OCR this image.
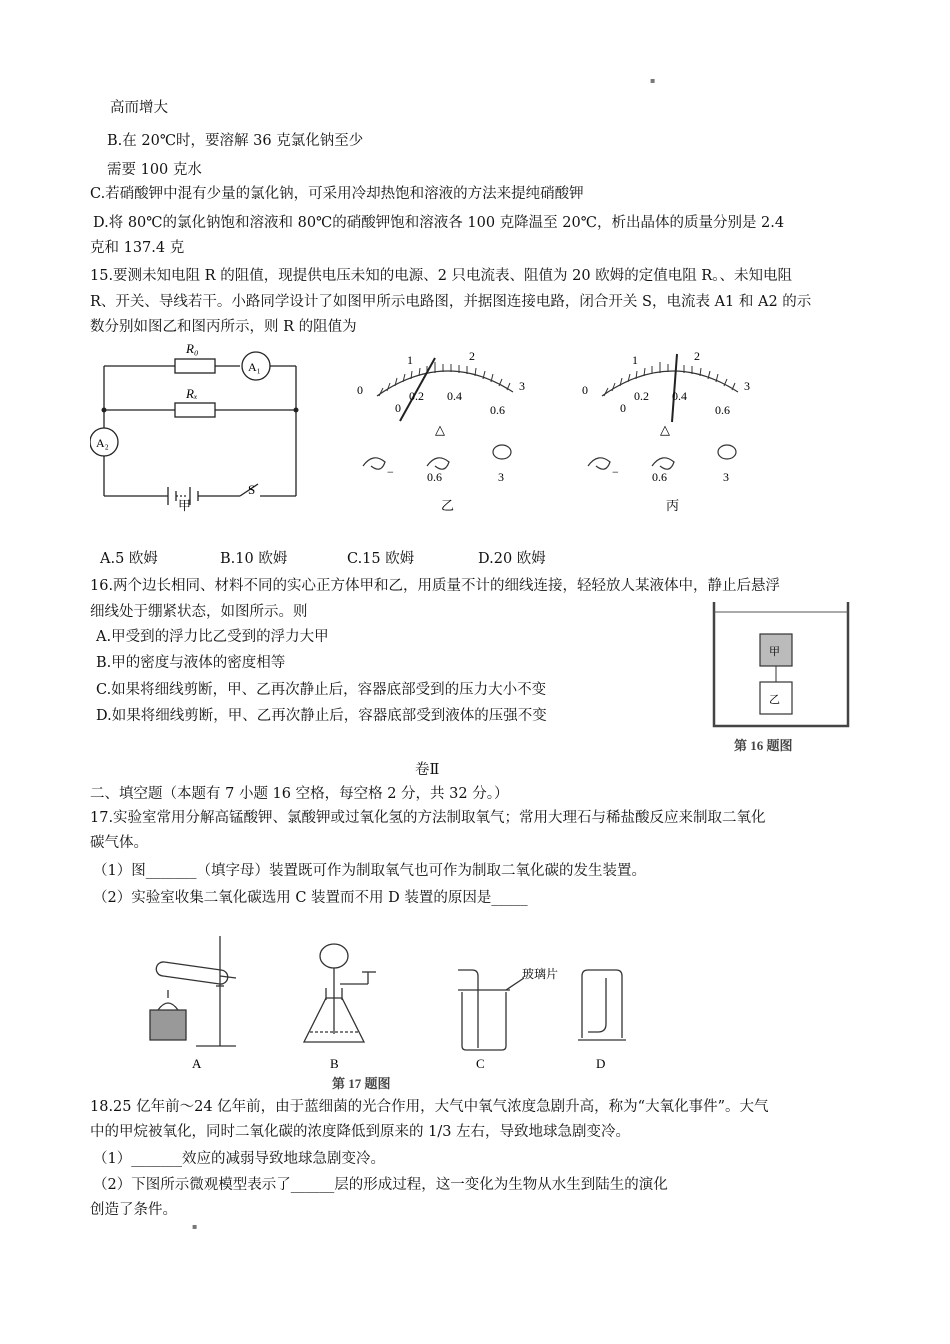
▪
▪
高而增大
B.在 20℃时，要溶解 36 克氯化钠至少
需要 100 克水
C.若硝酸钾中混有少量的氯化钠，可采用冷却热饱和溶液的方法来提纯硝酸钾
D.将 80℃的氯化钠饱和溶液和 80℃的硝酸钾饱和溶液各 100 克降温至 20℃，析出晶体的质量分别是 2.4
克和 137.4 克
15.要测未知电阻 R 的阻值，现提供电压未知的电源、2 只电流表、阻值为 20 欧姆的定值电阻 R。、未知电阻
R、开关、导线若干。小路同学设计了如图甲所示电路图，并据图连接电路，闭合开关 S，电流表 A1 和 A2 的示
数分别如图乙和图丙所示，则 R 的阻值为
R₀
Rₓ
A₁
A₂
S
甲
1	2
3
0
0
0.2 0.4
0.6
△
−	0.6	3
乙
1	2
3
0
0
0.2 0.4
0.6
△
−	0.6	3
丙
A.5 欧姆	B.10 欧姆	C.15 欧姆	D.20 欧姆
16.两个边长相同、材料不同的实心正方体甲和乙，用质量不计的细线连接，轻轻放人某液体中，静止后悬浮
细线处于绷紧状态，如图所示。则
A.甲受到的浮力比乙受到的浮力大甲
B.甲的密度与液体的密度相等
C.如果将细线剪断，甲、乙再次静止后，容器底部受到的压力大小不变
D.如果将细线剪断，甲、乙再次静止后，容器底部受到液体的压强不变
甲
乙
第 16 题图
卷Ⅱ
二、填空题（本题有 7 小题 16 空格，每空格 2 分，共 32 分。）
17.实验室常用分解高锰酸钾、氯酸钾或过氧化氢的方法制取氧气；常用大理石与稀盐酸反应来制取二氧化
碳气体。
（1）图_______（填字母）装置既可作为制取氧气也可作为制取二氧化碳的发生装置。
（2）实验室收集二氧化碳选用 C 装置而不用 D 装置的原因是_____
A	B
玻璃片
C	D
第 17 题图
18.25 亿年前～24 亿年前，由于蓝细菌的光合作用，大气中氧气浓度急剧升高，称为“大氧化事件”。大气
中的甲烷被氧化，同时二氧化碳的浓度降低到原来的 1/3 左右，导致地球急剧变冷。
（1）_______效应的减弱导致地球急剧变冷。
（2）下图所示微观模型表示了______层的形成过程，这一变化为生物从水生到陆生的演化
创造了条件。
